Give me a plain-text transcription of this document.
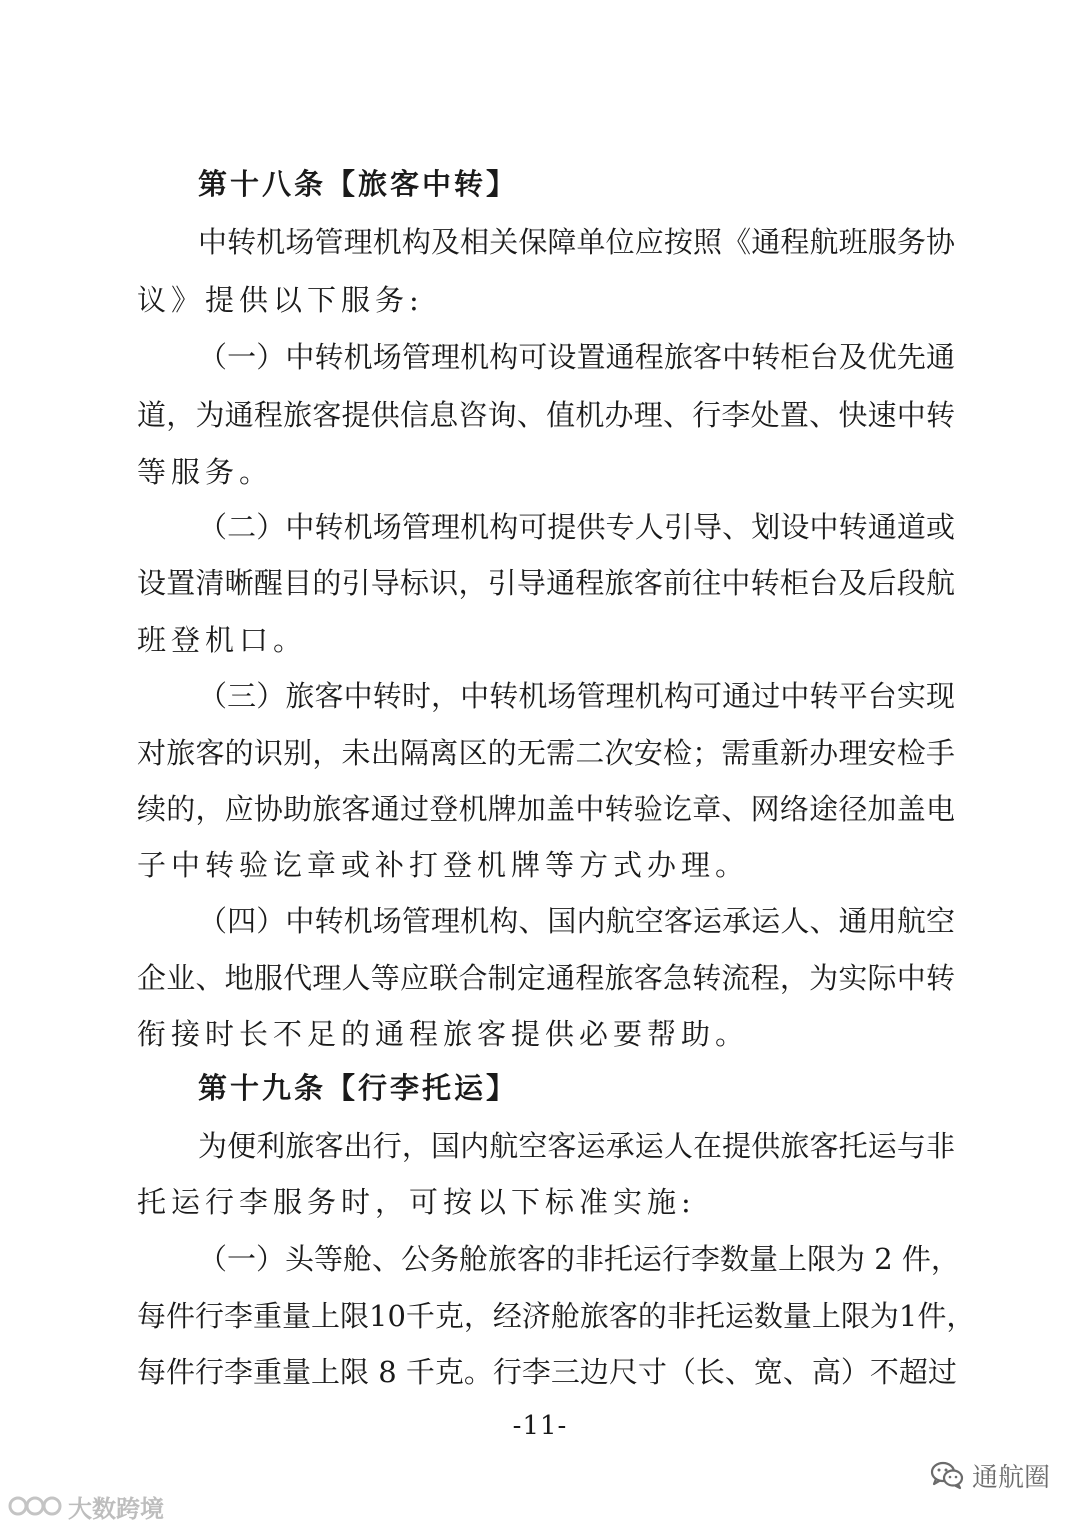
第十八条【旅客中转】
中转机场管理机构及相关保障单位应按照《通程航班服务协
议》提供以下服务:
（一）中转机场管理机构可设置通程旅客中转柜台及优先通
道，为通程旅客提供信息咨询、值机办理、行李处置、快速中转
等服务。
（二）中转机场管理机构可提供专人引导、划设中转通道或
设置清晰醒目的引导标识，引导通程旅客前往中转柜台及后段航
班登机口。
（三）旅客中转时，中转机场管理机构可通过中转平台实现
对旅客的识别，未出隔离区的无需二次安检；需重新办理安检手
续的，应协助旅客通过登机牌加盖中转验讫章、网络途径加盖电
子中转验讫章或补打登机牌等方式办理。
（四）中转机场管理机构、国内航空客运承运人、通用航空
企业、地服代理人等应联合制定通程旅客急转流程，为实际中转
衔接时长不足的通程旅客提供必要帮助。
第十九条【行李托运】
为便利旅客出行，国内航空客运承运人在提供旅客托运与非
托运行李服务时，可按以下标准实施:
（一）头等舱、公务舱旅客的非托运行李数量上限为 2 件，
每件行李重量上限10千克，经济舱旅客的非托运数量上限为1件，
每件行李重量上限 8 千克。行李三边尺寸（长、宽、高）不超过
-11-
通航圈
大数跨境
